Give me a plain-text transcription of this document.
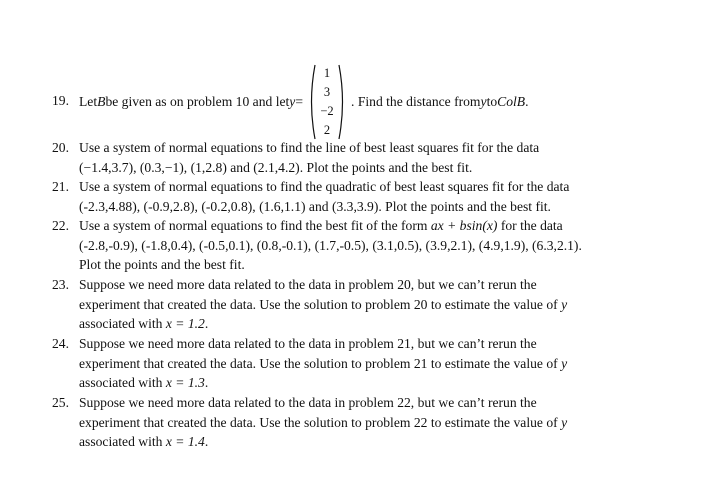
19. Let B be given as on problem 10 and let y =
1
3
−2
2
. Find the distance from y to ColB .
20. Use a system of normal equations to find the line of best least squares fit for the data
(−1.4,3.7), (0.3,−1), (1,2.8) and (2.1,4.2). Plot the points and the best fit.
21. Use a system of normal equations to find the quadratic of best least squares fit for the data
(-2.3,4.88), (-0.9,2.8), (-0.2,0.8), (1.6,1.1) and (3.3,3.9). Plot the points and the best fit.
22. Use a system of normal equations to find the best fit of the form ax + bsin(x) for the data
(-2.8,-0.9), (-1.8,0.4), (-0.5,0.1), (0.8,-0.1), (1.7,-0.5), (3.1,0.5), (3.9,2.1), (4.9,1.9), (6.3,2.1).
Plot the points and the best fit.
23. Suppose we need more data related to the data in problem 20, but we can’t rerun the
experiment that created the data. Use the solution to problem 20 to estimate the value of y
associated with x = 1.2.
24. Suppose we need more data related to the data in problem 21, but we can’t rerun the
experiment that created the data. Use the solution to problem 21 to estimate the value of y
associated with x = 1.3.
25. Suppose we need more data related to the data in problem 22, but we can’t rerun the
experiment that created the data. Use the solution to problem 22 to estimate the value of y
associated with x = 1.4.
